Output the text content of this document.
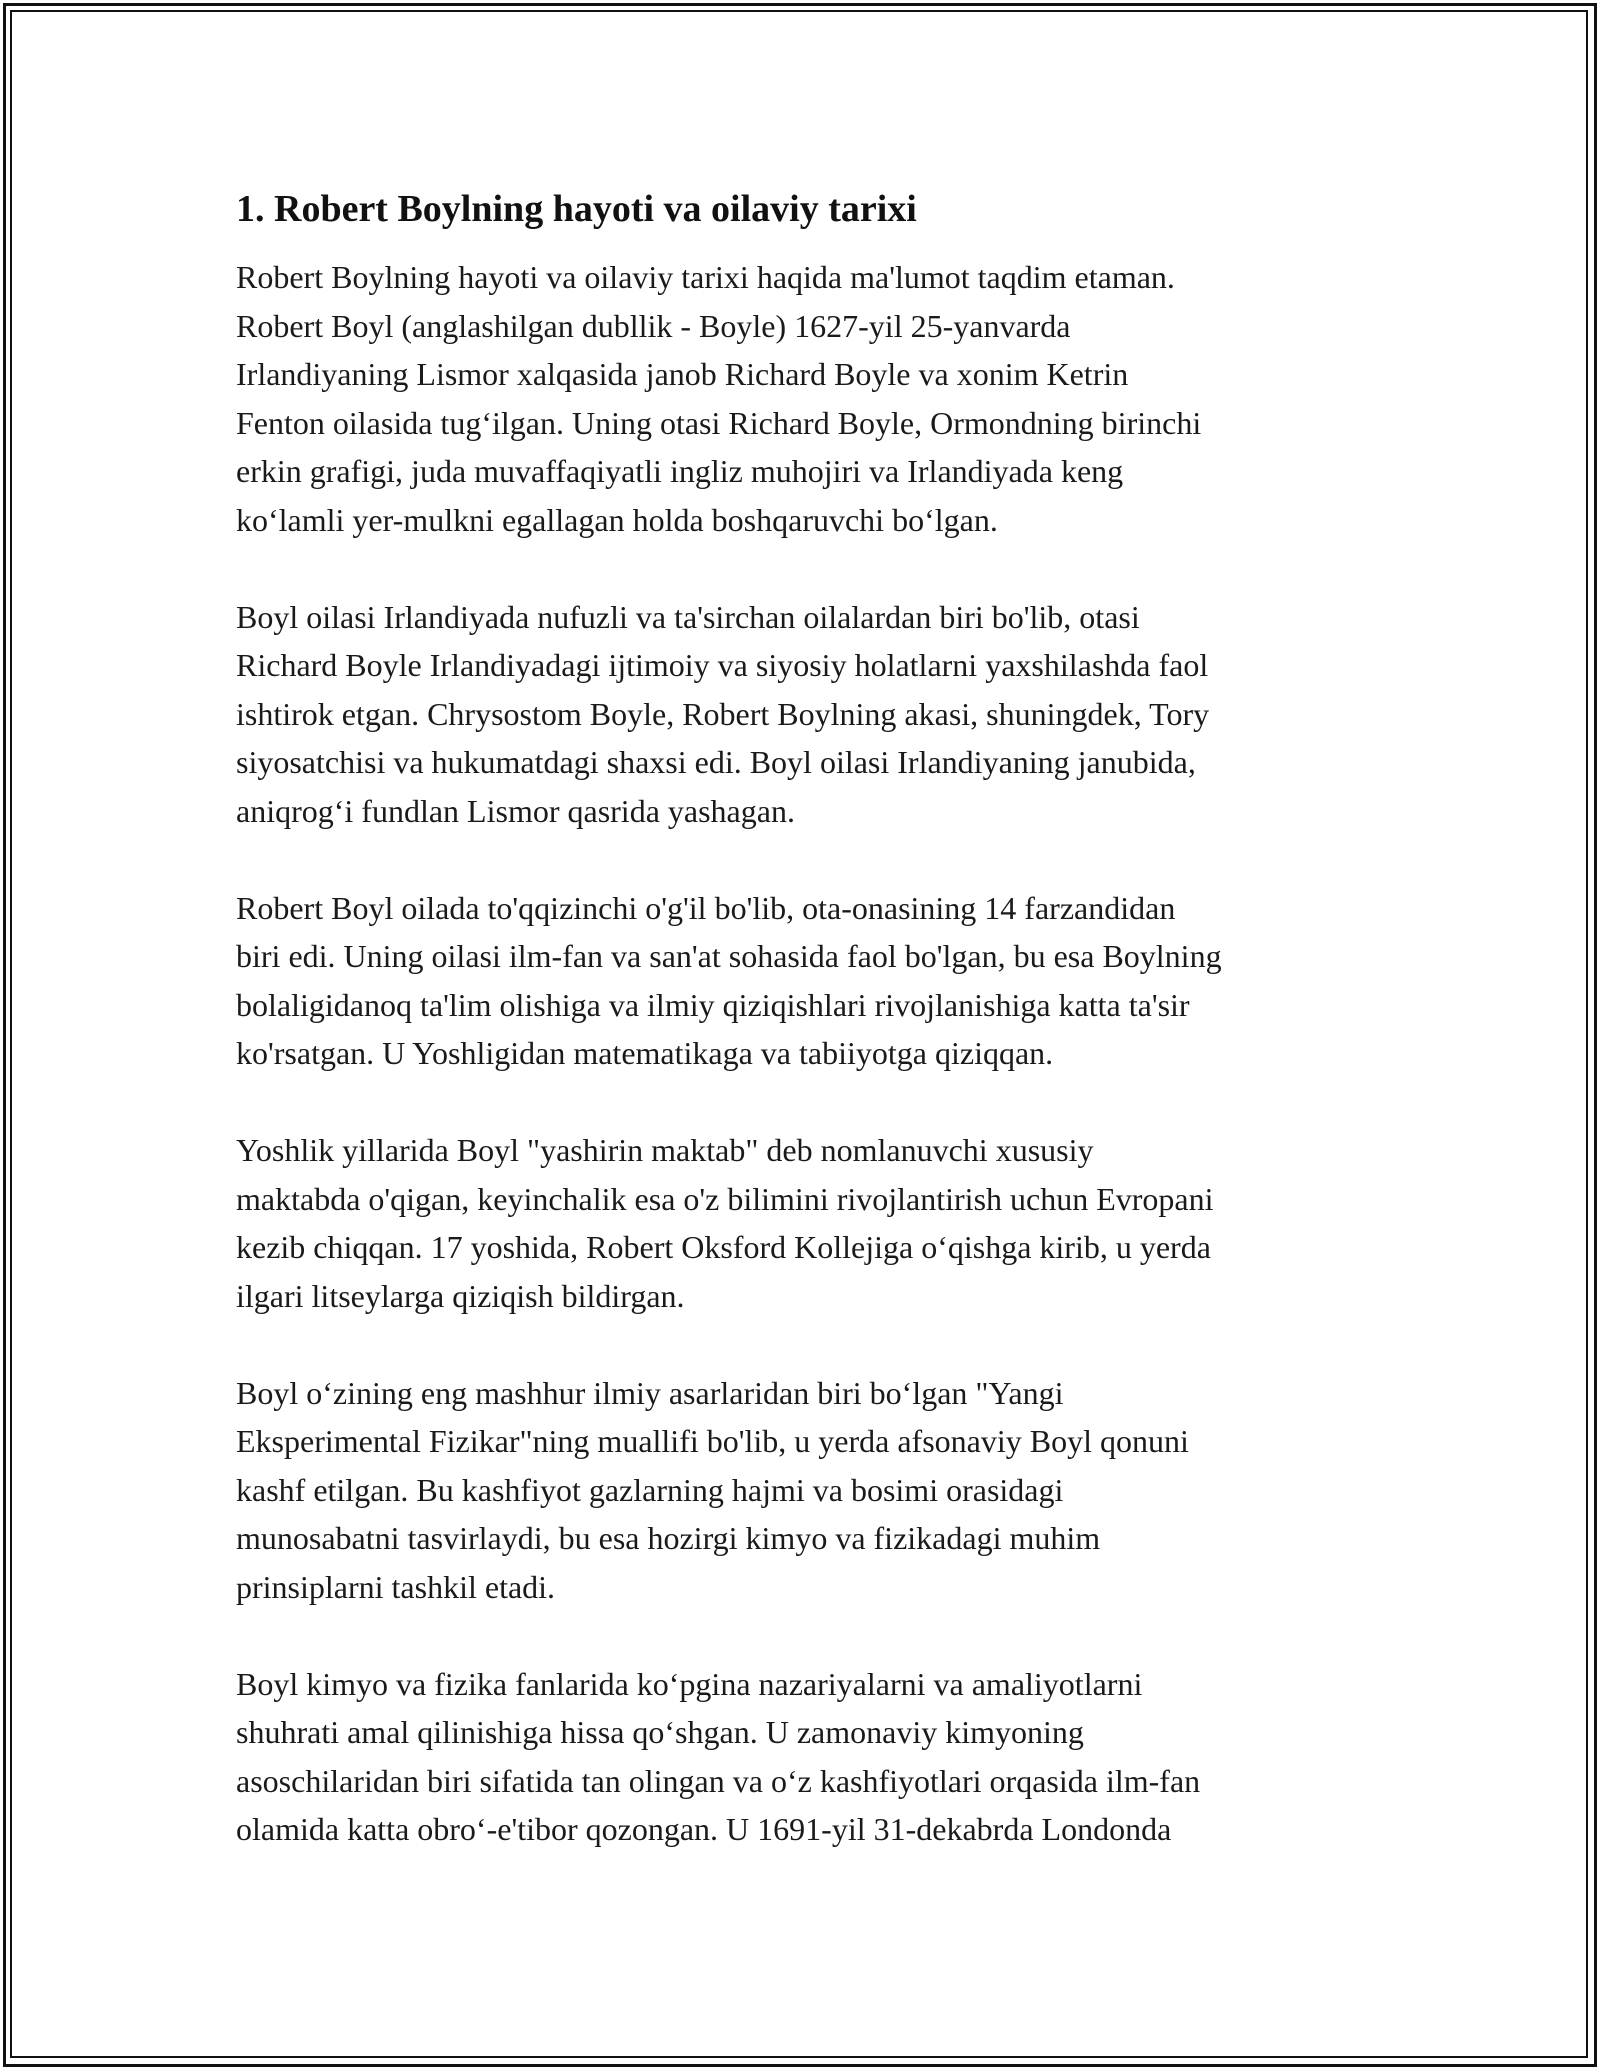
1. Robert Boylning hayoti va oilaviy tarixi
Robert Boylning hayoti va oilaviy tarixi haqida ma'lumot taqdim etaman.
Robert Boyl (anglashilgan dubllik - Boyle) 1627-yil 25-yanvarda
Irlandiyaning Lismor xalqasida janob Richard Boyle va xonim Ketrin
Fenton oilasida tug‘ilgan. Uning otasi Richard Boyle, Ormondning birinchi
erkin grafigi, juda muvaffaqiyatli ingliz muhojiri va Irlandiyada keng
ko‘lamli yer-mulkni egallagan holda boshqaruvchi bo‘lgan.
Boyl oilasi Irlandiyada nufuzli va ta'sirchan oilalardan biri bo'lib, otasi
Richard Boyle Irlandiyadagi ijtimoiy va siyosiy holatlarni yaxshilashda faol
ishtirok etgan. Chrysostom Boyle, Robert Boylning akasi, shuningdek, Tory
siyosatchisi va hukumatdagi shaxsi edi. Boyl oilasi Irlandiyaning janubida,
aniqrog‘i fundlan Lismor qasrida yashagan.
Robert Boyl oilada to'qqizinchi o'g'il bo'lib, ota-onasining 14 farzandidan
biri edi. Uning oilasi ilm-fan va san'at sohasida faol bo'lgan, bu esa Boylning
bolaligidanoq ta'lim olishiga va ilmiy qiziqishlari rivojlanishiga katta ta'sir
ko'rsatgan. U Yoshligidan matematikaga va tabiiyotga qiziqqan.
Yoshlik yillarida Boyl "yashirin maktab" deb nomlanuvchi xususiy
maktabda o'qigan, keyinchalik esa o'z bilimini rivojlantirish uchun Evropani
kezib chiqqan. 17 yoshida, Robert Oksford Kollejiga o‘qishga kirib, u yerda
ilgari litseylarga qiziqish bildirgan.
Boyl o‘zining eng mashhur ilmiy asarlaridan biri bo‘lgan "Yangi
Eksperimental Fizikar"ning muallifi bo'lib, u yerda afsonaviy Boyl qonuni
kashf etilgan. Bu kashfiyot gazlarning hajmi va bosimi orasidagi
munosabatni tasvirlaydi, bu esa hozirgi kimyo va fizikadagi muhim
prinsiplarni tashkil etadi.
Boyl kimyo va fizika fanlarida ko‘pgina nazariyalarni va amaliyotlarni
shuhrati amal qilinishiga hissa qo‘shgan. U zamonaviy kimyoning
asoschilaridan biri sifatida tan olingan va o‘z kashfiyotlari orqasida ilm-fan
olamida katta obro‘-e'tibor qozongan. U 1691-yil 31-dekabrda Londonda
